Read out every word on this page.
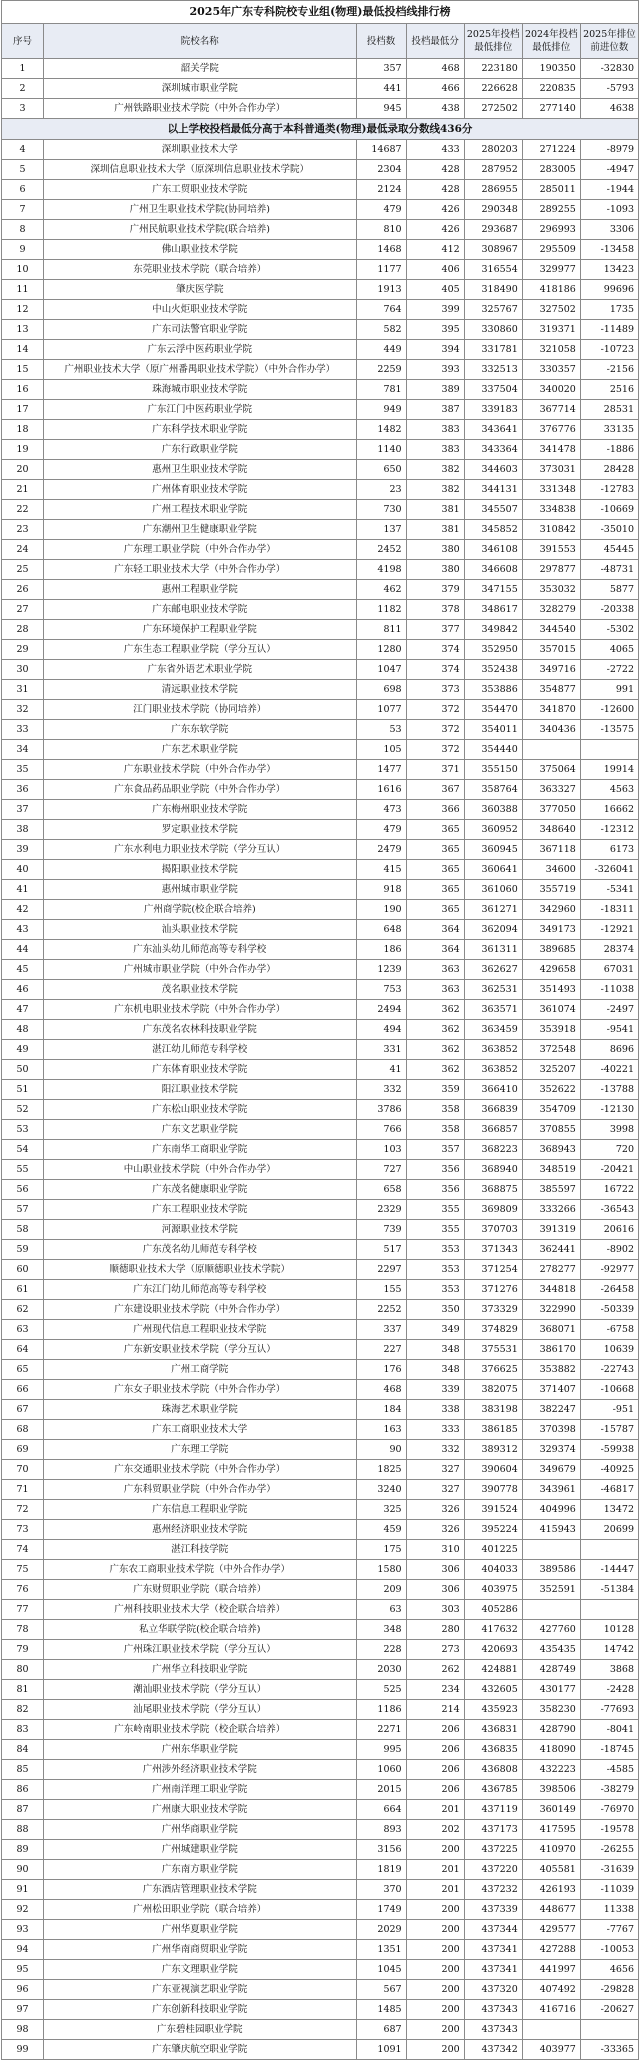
2025年广东专科院校专业组(物理)最低投档线排行榜						
序号	院校名称	投档数	投档最低分	2025年投档最低排位	2024年投档最低排位	2025年排位前进位数
1	韶关学院	357	468	223180	190350	-32830
2	深圳城市职业学院	441	466	226628	220835	-5793
3	广州铁路职业技术学院（中外合作办学）	945	438	272502	277140	4638
以上学校投档最低分高于本科普通类(物理)最低录取分数线436分						
4	深圳职业技术大学	14687	433	280203	271224	-8979
5	深圳信息职业技术大学（原深圳信息职业技术学院）	2304	428	287952	283005	-4947
6	广东工贸职业技术学院	2124	428	286955	285011	-1944
7	广州卫生职业技术学院(协同培养)	479	426	290348	289255	-1093
8	广州民航职业技术学院(联合培养)	810	426	293687	296993	3306
9	佛山职业技术学院	1468	412	308967	295509	-13458
10	东莞职业技术学院（联合培养）	1177	406	316554	329977	13423
11	肇庆医学院	1913	405	318490	418186	99696
12	中山火炬职业技术学院	764	399	325767	327502	1735
13	广东司法警官职业学院	582	395	330860	319371	-11489
14	广东云浮中医药职业学院	449	394	331781	321058	-10723
15	广州职业技术大学（原广州番禺职业技术学院）（中外合作办学）	2259	393	332513	330357	-2156
16	珠海城市职业技术学院	781	389	337504	340020	2516
17	广东江门中医药职业学院	949	387	339183	367714	28531
18	广东科学技术职业学院	1482	383	343641	376776	33135
19	广东行政职业学院	1140	383	343364	341478	-1886
20	惠州卫生职业技术学院	650	382	344603	373031	28428
21	广州体育职业技术学院	23	382	344131	331348	-12783
22	广州工程技术职业学院	730	381	345507	334838	-10669
23	广东潮州卫生健康职业学院	137	381	345852	310842	-35010
24	广东理工职业学院（中外合作办学）	2452	380	346108	391553	45445
25	广东轻工职业技术大学（中外合作办学）	4198	380	346608	297877	-48731
26	惠州工程职业学院	462	379	347155	353032	5877
27	广东邮电职业技术学院	1182	378	348617	328279	-20338
28	广东环境保护工程职业学院	811	377	349842	344540	-5302
29	广东生态工程职业学院（学分互认）	1280	374	352950	357015	4065
30	广东省外语艺术职业学院	1047	374	352438	349716	-2722
31	清远职业技术学院	698	373	353886	354877	991
32	江门职业技术学院（协同培养）	1077	372	354470	341870	-12600
33	广东东软学院	53	372	354011	340436	-13575
34	广东艺术职业学院	105	372	354440		
35	广东职业技术学院（中外合作办学）	1477	371	355150	375064	19914
36	广东食品药品职业学院（中外合作办学）	1616	367	358764	363327	4563
37	广东梅州职业技术学院	473	366	360388	377050	16662
38	罗定职业技术学院	479	365	360952	348640	-12312
39	广东水利电力职业技术学院（学分互认）	2479	365	360945	367118	6173
40	揭阳职业技术学院	415	365	360641	34600	-326041
41	惠州城市职业学院	918	365	361060	355719	-5341
42	广州商学院(校企联合培养)	190	365	361271	342960	-18311
43	汕头职业技术学院	648	364	362094	349173	-12921
44	广东汕头幼儿师范高等专科学校	186	364	361311	389685	28374
45	广州城市职业学院（中外合作办学）	1239	363	362627	429658	67031
46	茂名职业技术学院	753	363	362531	351493	-11038
47	广东机电职业技术学院（中外合作办学）	2494	362	363571	361074	-2497
48	广东茂名农林科技职业学院	494	362	363459	353918	-9541
49	湛江幼儿师范专科学校	331	362	363852	372548	8696
50	广东体育职业技术学院	41	362	363852	325207	-40221
51	阳江职业技术学院	332	359	366410	352622	-13788
52	广东松山职业技术学院	3786	358	366839	354709	-12130
53	广东文艺职业学院	766	358	366857	370855	3998
54	广东南华工商职业学院	103	357	368223	368943	720
55	中山职业技术学院（中外合作办学）	727	356	368940	348519	-20421
56	广东茂名健康职业学院	658	356	368875	385597	16722
57	广东工程职业技术学院	2329	355	369809	333266	-36543
58	河源职业技术学院	739	355	370703	391319	20616
59	广东茂名幼儿师范专科学校	517	353	371343	362441	-8902
60	顺德职业技术大学（原顺德职业技术学院）	2297	353	371254	278277	-92977
61	广东江门幼儿师范高等专科学校	155	353	371276	344818	-26458
62	广东建设职业技术学院（中外合作办学）	2252	350	373329	322990	-50339
63	广州现代信息工程职业技术学院	337	349	374829	368071	-6758
64	广东新安职业技术学院（学分互认）	227	348	375531	386170	10639
65	广州工商学院	176	348	376625	353882	-22743
66	广东女子职业技术学院（中外合作办学）	468	339	382075	371407	-10668
67	珠海艺术职业学院	184	338	383198	382247	-951
68	广东工商职业技术大学	163	333	386185	370398	-15787
69	广东理工学院	90	332	389312	329374	-59938
70	广东交通职业技术学院（中外合作办学）	1825	327	390604	349679	-40925
71	广东科贸职业学院（中外合作办学）	3240	327	390778	343961	-46817
72	广东信息工程职业学院	325	326	391524	404996	13472
73	惠州经济职业技术学院	459	326	395224	415943	20699
74	湛江科技学院	175	310	401225		
75	广东农工商职业技术学院（中外合作办学）	1580	306	404033	389586	-14447
76	广东财贸职业学院（联合培养）	209	306	403975	352591	-51384
77	广州科技职业技术大学（校企联合培养）	63	303	405286		
78	私立华联学院(校企联合培养)	348	280	417632	427760	10128
79	广州珠江职业技术学院（学分互认）	228	273	420693	435435	14742
80	广州华立科技职业学院	2030	262	424881	428749	3868
81	潮汕职业技术学院（学分互认）	525	234	432605	430177	-2428
82	汕尾职业技术学院（学分互认）	1186	214	435923	358230	-77693
83	广东岭南职业技术学院（校企联合培养）	2271	206	436831	428790	-8041
84	广州东华职业学院	995	206	436835	418090	-18745
85	广州涉外经济职业技术学院	1060	206	436808	432223	-4585
86	广州南洋理工职业学院	2015	206	436785	398506	-38279
87	广州康大职业技术学院	664	201	437119	360149	-76970
88	广州华商职业学院	893	202	437173	417595	-19578
89	广州城建职业学院	3156	200	437225	410970	-26255
90	广东南方职业学院	1819	201	437220	405581	-31639
91	广东酒店管理职业技术学院	370	201	437232	426193	-11039
92	广州松田职业学院（联合培养）	1749	200	437339	448677	11338
93	广州华夏职业学院	2029	200	437344	429577	-7767
94	广州华南商贸职业学院	1351	200	437341	427288	-10053
95	广东文理职业学院	1045	200	437341	441997	4656
96	广东亚视演艺职业学院	567	200	437320	407492	-29828
97	广东创新科技职业学院	1485	200	437343	416716	-20627
98	广东碧桂园职业学院	687	200	437343		
99	广东肇庆航空职业学院	1091	200	437342	403977	-33365
